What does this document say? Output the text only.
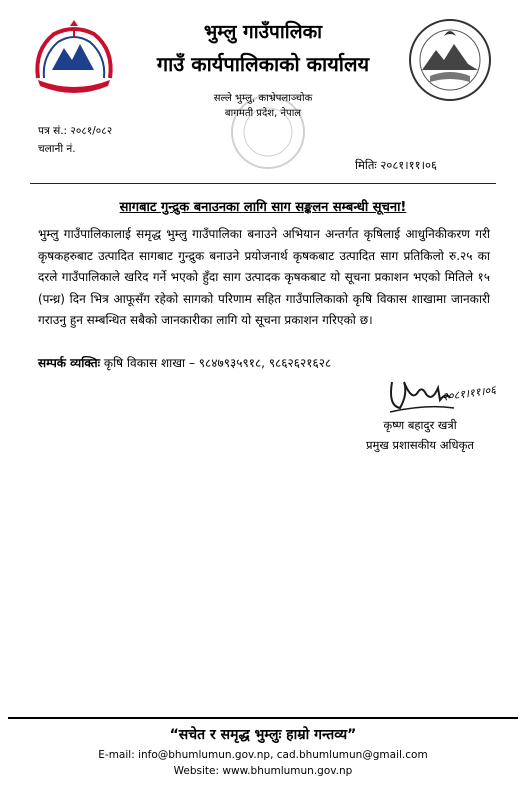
भुम्लु गाउँपालिका
गाउँ कार्यपालिकाको कार्यालय
सल्ले भुम्लु, काभ्रेपलाञ्चोक
बागमती प्रदेश, नेपाल
पत्र सं.: २०८१/०८२
चलानी नं.
मितिः २०८१।११।०६
सागबाट गुन्द्रुक बनाउनका लागि साग सङ्कलन सम्बन्धी सूचना!
भुम्लु गाउँपालिकालाई समृद्ध भुम्लु गाउँपालिका बनाउने अभियान अन्तर्गत कृषिलाई आधुनिकीकरण गरी कृषकहरुबाट उत्पादित सागबाट गुन्द्रुक बनाउने प्रयोजनार्थ कृषकबाट उत्पादित साग प्रतिकिलो रु.२५ का दरले गाउँपालिकाले खरिद गर्ने भएको हुँदा साग उत्पादक कृषकबाट यो सूचना प्रकाशन भएको मितिले १५ (पन्ध्र) दिन भित्र आफूसँग रहेको सागको परिणाम सहित गाउँपालिकाको कृषि विकास शाखामा जानकारी गराउनु हुन सम्बन्धित सबैको जानकारीका लागि यो सूचना प्रकाशन गरिएको छ।
सम्पर्क व्यक्तिः कृषि विकास शाखा – ९८४७९३५९१८, ९८६२६२१६२८
२०८१।११।०६
कृष्ण बहादुर खत्री
प्रमुख प्रशासकीय अधिकृत
“सचेत र समृद्ध भुम्लुः हाम्रो गन्तव्य”
E-mail: info@bhumlumun.gov.np, cad.bhumlumun@gmail.com
Website: www.bhumlumun.gov.np
